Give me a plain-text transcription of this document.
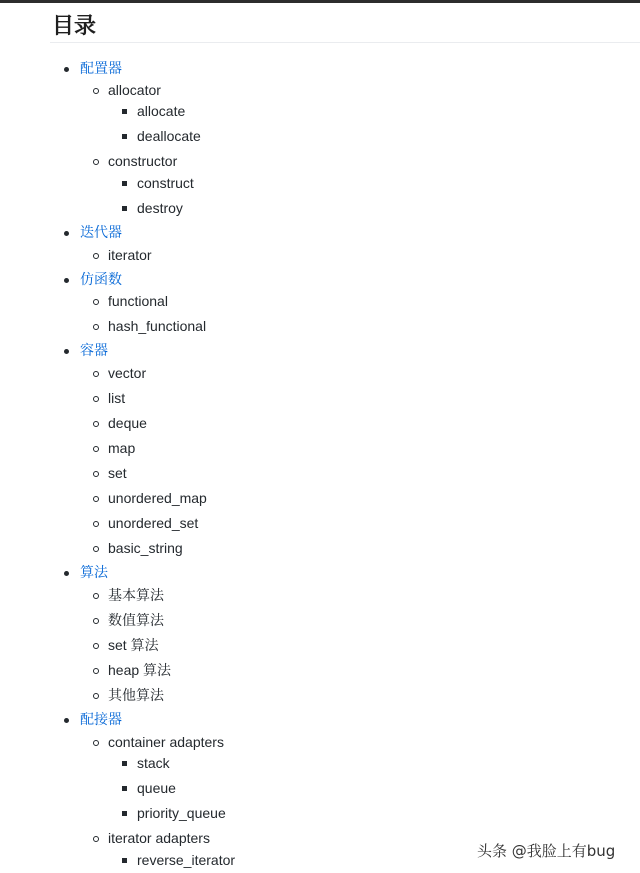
目录
配置器
allocator
allocate
deallocate
constructor
construct
destroy
迭代器
iterator
仿函数
functional
hash_functional
容器
vector
list
deque
map
set
unordered_map
unordered_set
basic_string
算法
基本算法
数值算法
set 算法
heap 算法
其他算法
配接器
container adapters
stack
queue
priority_queue
iterator adapters
reverse_iterator	头条 @我脸上有bug
